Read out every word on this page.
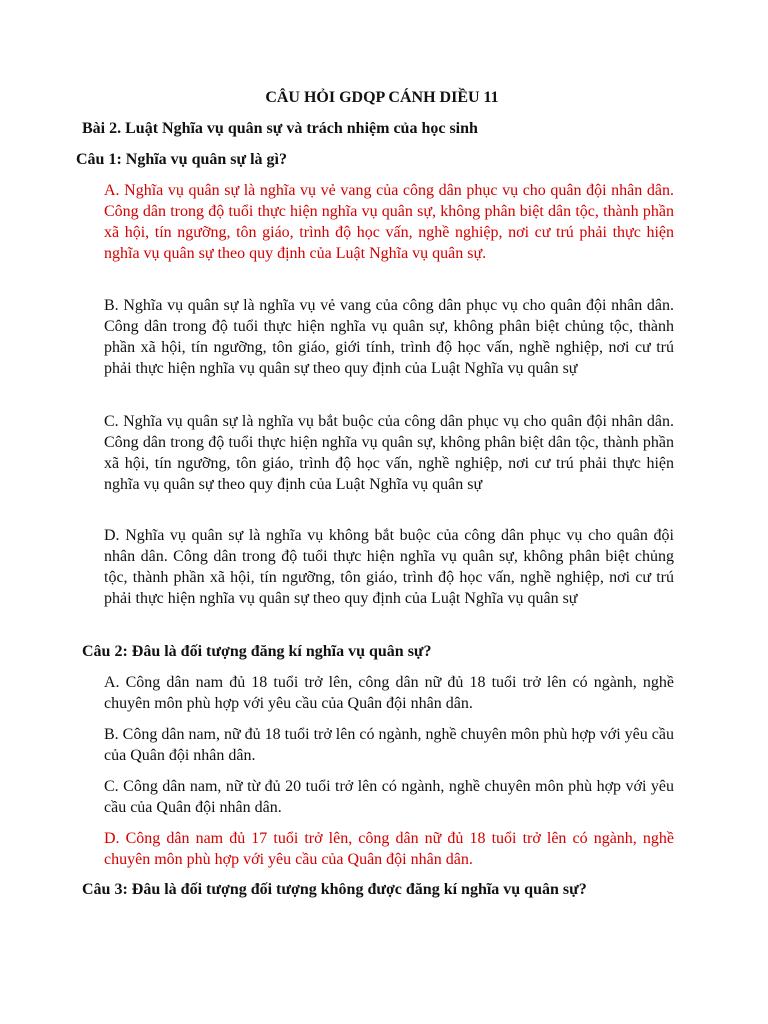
CÂU HỎI GDQP CÁNH DIỀU 11
Bài 2. Luật Nghĩa vụ quân sự và trách nhiệm của học sinh
Câu 1: Nghĩa vụ quân sự là gì?

A. Nghĩa vụ quân sự là nghĩa vụ vẻ vang của công dân phục vụ cho quân đội nhân dân. Công dân trong độ tuổi thực hiện nghĩa vụ quân sự, không phân biệt dân tộc, thành phần xã hội, tín ngưỡng, tôn giáo, trình độ học vấn, nghề nghiệp, nơi cư trú phải thực hiện nghĩa vụ quân sự theo quy định của Luật Nghĩa vụ quân sự.

B. Nghĩa vụ quân sự là nghĩa vụ vẻ vang của công dân phục vụ cho quân đội nhân dân. Công dân trong độ tuổi thực hiện nghĩa vụ quân sự, không phân biệt chủng tộc, thành phần xã hội, tín ngưỡng, tôn giáo, giới tính, trình độ học vấn, nghề nghiệp, nơi cư trú phải thực hiện nghĩa vụ quân sự theo quy định của Luật Nghĩa vụ quân sự

C. Nghĩa vụ quân sự là nghĩa vụ bắt buộc của công dân phục vụ cho quân đội nhân dân. Công dân trong độ tuổi thực hiện nghĩa vụ quân sự, không phân biệt dân tộc, thành phần xã hội, tín ngưỡng, tôn giáo, trình độ học vấn, nghề nghiệp, nơi cư trú phải thực hiện nghĩa vụ quân sự theo quy định của Luật Nghĩa vụ quân sự

D. Nghĩa vụ quân sự là nghĩa vụ không bắt buộc của công dân phục vụ cho quân đội nhân dân. Công dân trong độ tuổi thực hiện nghĩa vụ quân sự, không phân biệt chủng tộc, thành phần xã hội, tín ngưỡng, tôn giáo, trình độ học vấn, nghề nghiệp, nơi cư trú phải thực hiện nghĩa vụ quân sự theo quy định của Luật Nghĩa vụ quân sự

Câu 2: Đâu là đối tượng đăng kí nghĩa vụ quân sự?

A. Công dân nam đủ 18 tuổi trở lên, công dân nữ đủ 18 tuổi trở lên có ngành, nghề chuyên môn phù hợp với yêu cầu của Quân đội nhân dân.

B. Công dân nam, nữ đủ 18 tuổi trở lên có ngành, nghề chuyên môn phù hợp với yêu cầu của Quân đội nhân dân.

C. Công dân nam, nữ từ đủ 20 tuổi trở lên có ngành, nghề chuyên môn phù hợp với yêu cầu của Quân đội nhân dân.

D. Công dân nam đủ 17 tuổi trở lên, công dân nữ đủ 18 tuổi trở lên có ngành, nghề chuyên môn phù hợp với yêu cầu của Quân đội nhân dân.

Câu 3: Đâu là đối tượng đối tượng không được đăng kí nghĩa vụ quân sự?
